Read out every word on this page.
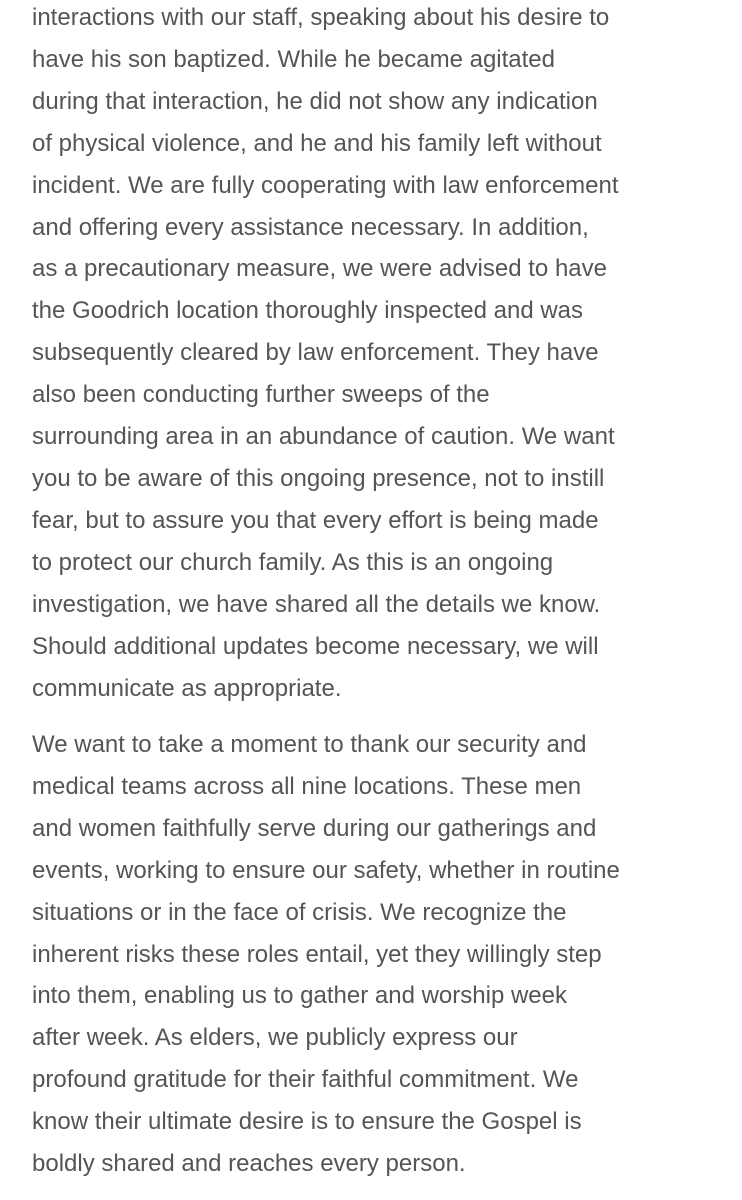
interactions with our staff, speaking about his desire to
have his son baptized. While he became agitated
during that interaction, he did not show any indication
of physical violence, and he and his family left without
incident. We are fully cooperating with law enforcement
and offering every assistance necessary. In addition,
as a precautionary measure, we were advised to have
the Goodrich location thoroughly inspected and was
subsequently cleared by law enforcement. They have
also been conducting further sweeps of the
surrounding area in an abundance of caution. We want
you to be aware of this ongoing presence, not to instill
fear, but to assure you that every effort is being made
to protect our church family. As this is an ongoing
investigation, we have shared all the details we know.
Should additional updates become necessary, we will
communicate as appropriate.

We want to take a moment to thank our security and
medical teams across all nine locations. These men
and women faithfully serve during our gatherings and
events, working to ensure our safety, whether in routine
situations or in the face of crisis. We recognize the
inherent risks these roles entail, yet they willingly step
into them, enabling us to gather and worship week
after week. As elders, we publicly express our
profound gratitude for their faithful commitment. We
know their ultimate desire is to ensure the Gospel is
boldly shared and reaches every person.
